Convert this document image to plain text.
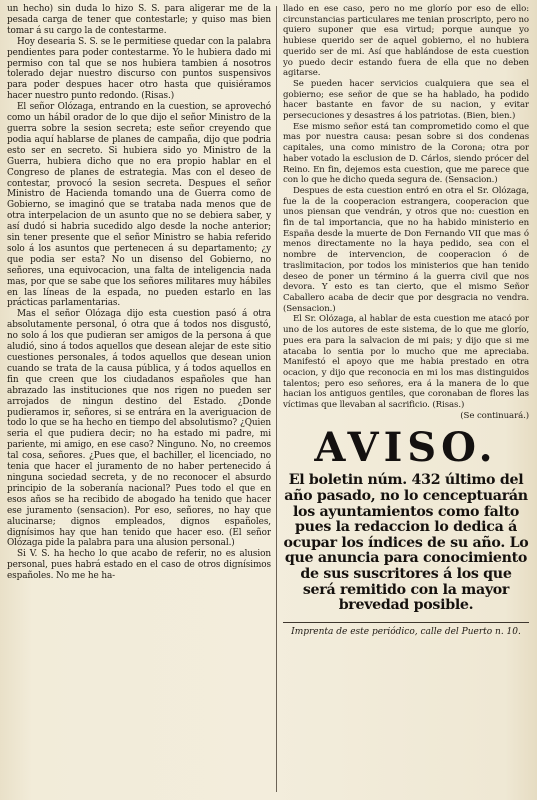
un hecho) sin duda lo hizo S. S. para aligerar me de la pesada carga de tener que contestarle; y quiso mas bien tomar á su cargo la de contestarme.

Hoy desearia S. S. se le permitiese quedar con la palabra pendientes para poder contestarme. Yo le hubiera dado mi permiso con tal que se nos hubiera tambien á nosotros tolerado dejar nuestro discurso con puntos suspensivos para poder despues hacer otro hasta que quisiéramos hacer nuestro punto redondo. (Risas.)

El señor Olózaga, entrando en la cuestion, se aprovechó como un hábil orador de lo que dijo el señor Ministro de la guerra sobre la sesion secreta; este señor creyendo que podia aquí hablarse de planes de campaña, dijo que podria esto ser en secreto. Si hubiera sido yo Ministro de la Guerra, hubiera dicho que no era propio hablar en el Congreso de planes de estrategia. Mas con el deseo de contestar, provocó la sesion secreta. Despues el señor Ministro de Hacienda tomando una de Guerra como de Gobierno, se imaginó que se trataba nada menos que de otra interpelacion de un asunto que no se debiera saber, y así dudó si habria sucedido algo desde la noche anterior; sin tener presente que el señor Ministro se habia referido solo á los asuntos que pertenecen á su departamento; ¿y que podia ser esta? No un disenso del Gobierno, no señores, una equivocacion, una falta de inteligencia nada mas, por que se sabe que los señores militares muy hábiles en las líneas de la espada, no pueden estarlo en las prácticas parlamentarias.

Mas el señor Olózaga dijo esta cuestion pasó á otra absolutamente personal, ó otra que á todos nos disgustó, no solo á los que pudieran ser amigos de la persona á que aludió, sino á todos aquellos que desean alejar de este sitio cuestiones personales, á todos aquellos que desean union cuando se trata de la causa pública, y á todos aquellos en fin que creen que los ciudadanos españoles que han abrazado las instituciones que nos rigen no pueden ser arrojados de ningun destino del Estado. ¿Donde pudieramos ir, señores, si se entrára en la averiguacion de todo lo que se ha hecho en tiempo del absolutismo? ¿Quien seria el que pudiera decir; no ha estado mi padre, mi pariente, mi amigo, en ese caso? Ninguno. No, no creemos tal cosa, señores. ¿Pues que, el bachiller, el licenciado, no tenia que hacer el juramento de no haber pertenecido á ninguna sociedad secreta, y de no reconocer el absurdo principio de la soberanía nacional? Pues todo el que en esos años se ha recibido de abogado ha tenido que hacer ese juramento (sensacion). Por eso, señores, no hay que alucinarse; dignos empleados, dignos españoles, dignísimos hay que han tenido que hacer eso. (El señor Olózaga pide la palabra para una alusion personal.)

Si V. S. ha hecho lo que acabo de referir, no es alusion personal, pues habrá estado en el caso de otros dignísimos españoles. No me he ha-

llado en ese caso, pero no me glorío por eso de ello: circunstancias particulares me tenian proscripto, pero no quiero suponer que esa virtud; porque aunque yo hubiese querido ser de aquel gobierno, el no hubiera querido ser de mi. Así que hablándose de esta cuestion yo puedo decir estando fuera de ella que no deben agitarse.

Se pueden hacer servicios cualquiera que sea el gobierno; ese señor de que se ha hablado, ha podido hacer bastante en favor de su nacion, y evitar persecuciones y desastres á los patriotas. (Bien, bien.)

Ese mismo señor está tan comprometido como el que mas por nuestra causa: pesan sobre si dos condenas capitales, una como ministro de la Corona; otra por haber votado la esclusion de D. Cárlos, siendo prócer del Reino. En fin, dejemos esta cuestion, que me parece que con lo que he dicho queda segura de. (Sensacion.)

Despues de esta cuestion entró en otra el Sr. Olózaga, fue la de la cooperacion estrangera, cooperacion que unos piensan que vendrán, y otros que no: cuestion en fin de tal importancia, que no ha habido ministerio en España desde la muerte de Don Fernando VII que mas ó menos directamente no la haya pedido, sea con el nombre de intervencion, de cooperacion ó de traslimitacion, por todos los ministerios que han tenido deseo de poner un término á la guerra civil que nos devora. Y esto es tan cierto, que el mismo Señor Caballero acaba de decir que por desgracia no vendra. (Sensacion.)

El Sr. Olózaga, al hablar de esta cuestion me atacó por uno de los autores de este sistema, de lo que me glorío, pues era para la salvacion de mi pais; y dijo que si me atacaba lo sentia por lo mucho que me apreciaba. Manifestó el apoyo que me habia prestado en otra ocacion, y dijo que reconocia en mi los mas distinguidos talentos; pero eso señores, era á la manera de lo que hacian los antiguos gentiles, que coronaban de flores las víctimas que llevaban al sacrificio. (Risas.)

(Se continuará.)

AVISO.

El boletin núm. 432 último del año pasado, no lo cenceptuarán los ayuntamientos como falto pues la redaccion lo dedica á ocupar los índices de su año. Lo que anuncia para conocimiento de sus suscritores á los que será remitido con la mayor brevedad posible.

Imprenta de este periódico, calle del Puerto n. 10.
